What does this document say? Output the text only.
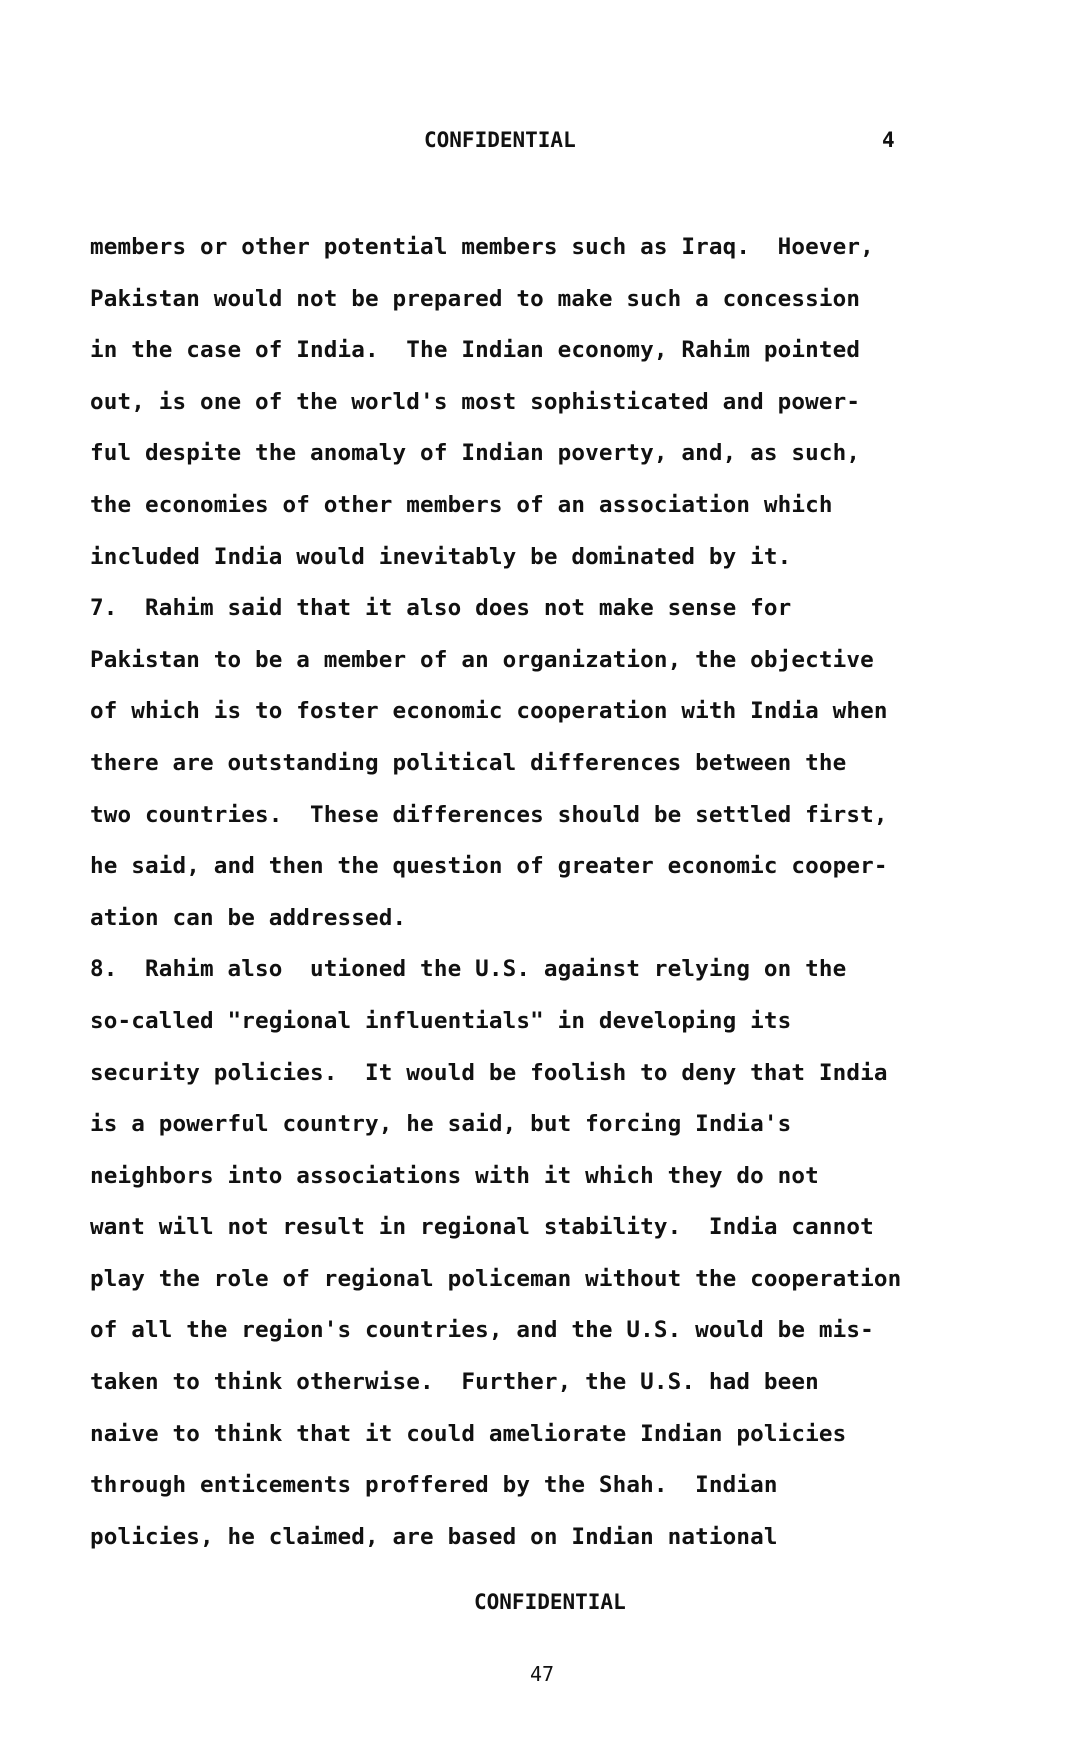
CONFIDENTIAL	4
members or other potential members such as Iraq.  Hoever,
Pakistan would not be prepared to make such a concession
in the case of India.  The Indian economy, Rahim pointed
out, is one of the world's most sophisticated and power-
ful despite the anomaly of Indian poverty, and, as such,
the economies of other members of an association which
included India would inevitably be dominated by it.
7.  Rahim said that it also does not make sense for
Pakistan to be a member of an organization, the objective
of which is to foster economic cooperation with India when
there are outstanding political differences between the
two countries.  These differences should be settled first,
he said, and then the question of greater economic cooper-
ation can be addressed.
8.  Rahim also  utioned the U.S. against relying on the
so-called "regional influentials" in developing its
security policies.  It would be foolish to deny that India
is a powerful country, he said, but forcing India's
neighbors into associations with it which they do not
want will not result in regional stability.  India cannot
play the role of regional policeman without the cooperation
of all the region's countries, and the U.S. would be mis-
taken to think otherwise.  Further, the U.S. had been
naive to think that it could ameliorate Indian policies
through enticements proffered by the Shah.  Indian
policies, he claimed, are based on Indian national
CONFIDENTIAL
47
